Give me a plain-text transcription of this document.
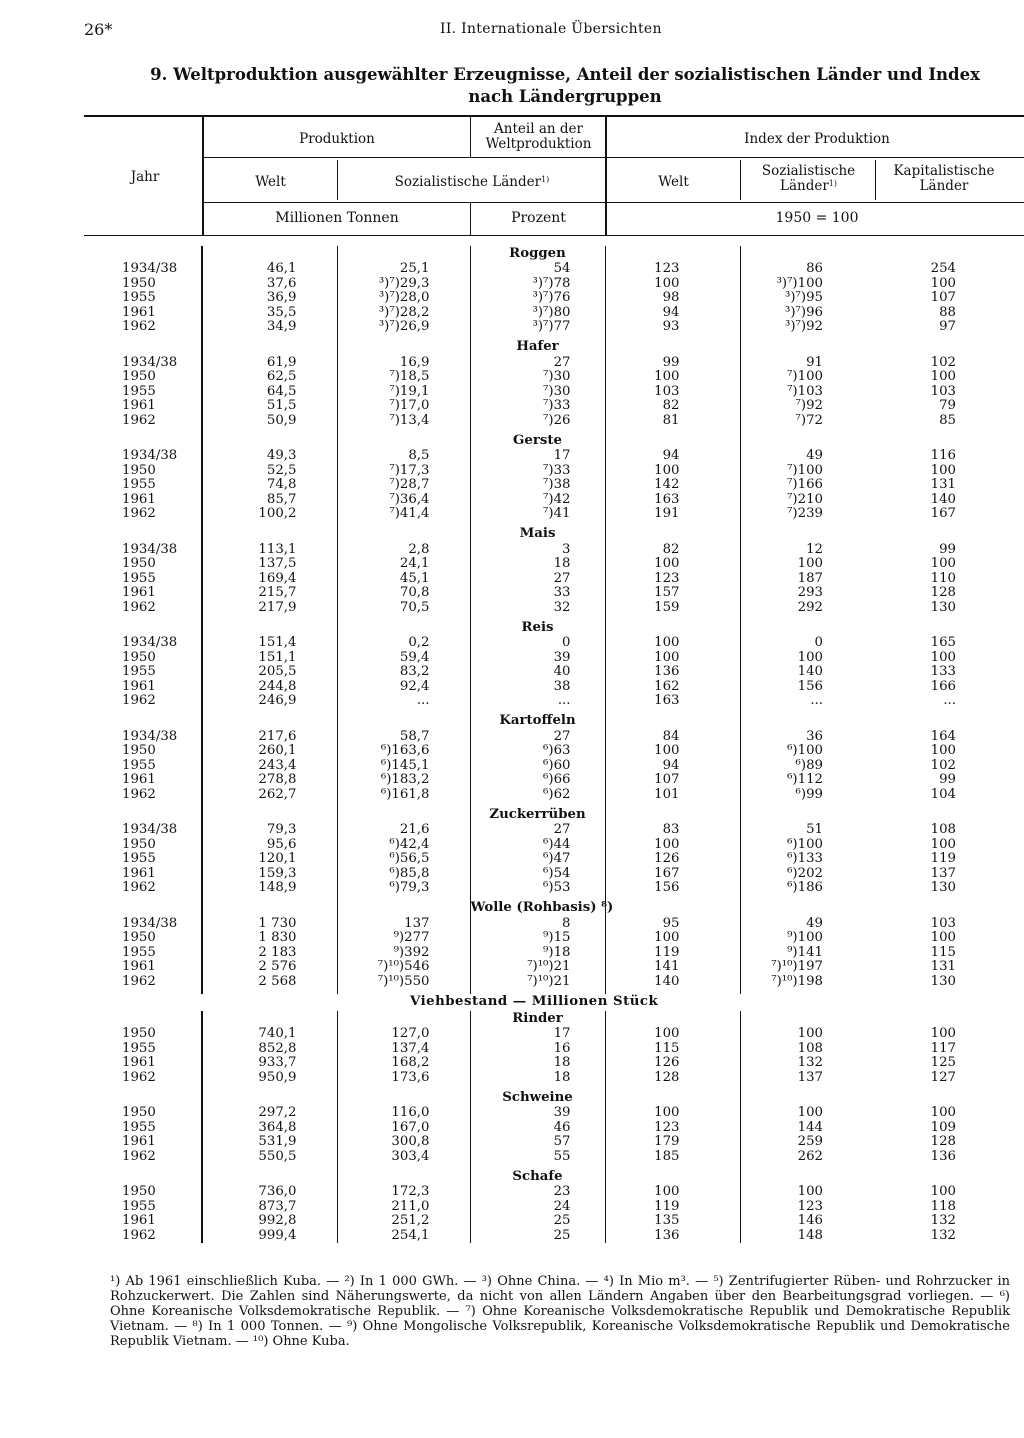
26*	II. Internationale Übersichten
9. Weltproduktion ausgewählter Erzeugnisse, Anteil der sozialistischen Länder und Index
nach Ländergruppen
Jahr
Produktion
Anteil an der Weltproduktion	Index der Produktion
Welt	Sozialistische Länder$^{1)}$	Welt
Sozialistische
Länder$^{1)}$
Kapitalistische Länder
Millionen Tonnen	Prozent	1950 = 100
			Roggen			
1934/38	46,1	25,1	54	123	86	254
1950	37,6	³)⁷)29,3	³)⁷)78	100	³)⁷)100	100
1955	36,9	³)⁷)28,0	³)⁷)76	98	³)⁷)95	107
1961	35,5	³)⁷)28,2	³)⁷)80	94	³)⁷)96	88
1962	34,9	³)⁷)26,9	³)⁷)77	93	³)⁷)92	97

			Hafer			
1934/38	61,9	16,9	27	99	91	102
1950	62,5	⁷)18,5	⁷)30	100	⁷)100	100
1955	64,5	⁷)19,1	⁷)30	103	⁷)103	103
1961	51,5	⁷)17,0	⁷)33	82	⁷)92	79
1962	50,9	⁷)13,4	⁷)26	81	⁷)72	85

			Gerste			
1934/38	49,3	8,5	17	94	49	116
1950	52,5	⁷)17,3	⁷)33	100	⁷)100	100
1955	74,8	⁷)28,7	⁷)38	142	⁷)166	131
1961	85,7	⁷)36,4	⁷)42	163	⁷)210	140
1962	100,2	⁷)41,4	⁷)41	191	⁷)239	167

			Mais			
1934/38	113,1	2,8	3	82	12	99
1950	137,5	24,1	18	100	100	100
1955	169,4	45,1	27	123	187	110
1961	215,7	70,8	33	157	293	128
1962	217,9	70,5	32	159	292	130

			Reis			
1934/38	151,4	0,2	0	100	0	165
1950	151,1	59,4	39	100	100	100
1955	205,5	83,2	40	136	140	133
1961	244,8	92,4	38	162	156	166
1962	246,9	...	...	163	...	...

			Kartoffeln			
1934/38	217,6	58,7	27	84	36	164
1950	260,1	⁶)163,6	⁶)63	100	⁶)100	100
1955	243,4	⁶)145,1	⁶)60	94	⁶)89	102
1961	278,8	⁶)183,2	⁶)66	107	⁶)112	99
1962	262,7	⁶)161,8	⁶)62	101	⁶)99	104

			Zuckerrüben			
1934/38	79,3	21,6	27	83	51	108
1950	95,6	⁶)42,4	⁶)44	100	⁶)100	100
1955	120,1	⁶)56,5	⁶)47	126	⁶)133	119
1961	159,3	⁶)85,8	⁶)54	167	⁶)202	137
1962	148,9	⁶)79,3	⁶)53	156	⁶)186	130

			Wolle (Rohbasis) ⁸)			
1934/38	1 730	137	8	95	49	103
1950	1 830	⁹)277	⁹)15	100	⁹)100	100
1955	2 183	⁹)392	⁹)18	119	⁹)141	115
1961	2 576	⁷)¹⁰)546	⁷)¹⁰)21	141	⁷)¹⁰)197	131
1962	2 568	⁷)¹⁰)550	⁷)¹⁰)21	140	⁷)¹⁰)198	130

Viehbestand — Millionen Stück						
			Rinder			
1950	740,1	127,0	17	100	100	100
1955	852,8	137,4	16	115	108	117
1961	933,7	168,2	18	126	132	125
1962	950,9	173,6	18	128	137	127

			Schweine			
1950	297,2	116,0	39	100	100	100
1955	364,8	167,0	46	123	144	109
1961	531,9	300,8	57	179	259	128
1962	550,5	303,4	55	185	262	136

			Schafe			
1950	736,0	172,3	23	100	100	100
1955	873,7	211,0	24	119	123	118
1961	992,8	251,2	25	135	146	132
1962	999,4	254,1	25	136	148	132
¹) Ab 1961 einschließlich Kuba. — ²) In 1 000 GWh. — ³) Ohne China. — ⁴) In Mio m³. — ⁵) Zentrifugierter Rüben- und Rohrzucker in Rohzuckerwert. Die Zahlen sind Näherungswerte, da nicht von allen Ländern Angaben über den Bearbeitungsgrad vorliegen. — ⁶) Ohne Koreanische Volksdemokratische Republik. — ⁷) Ohne Koreanische Volksdemokratische Republik und Demokratische Republik Vietnam. — ⁸) In 1 000 Tonnen. — ⁹) Ohne Mongolische Volksrepublik, Koreanische Volksdemokratische Republik und Demokratische Republik Vietnam. — ¹⁰) Ohne Kuba.
